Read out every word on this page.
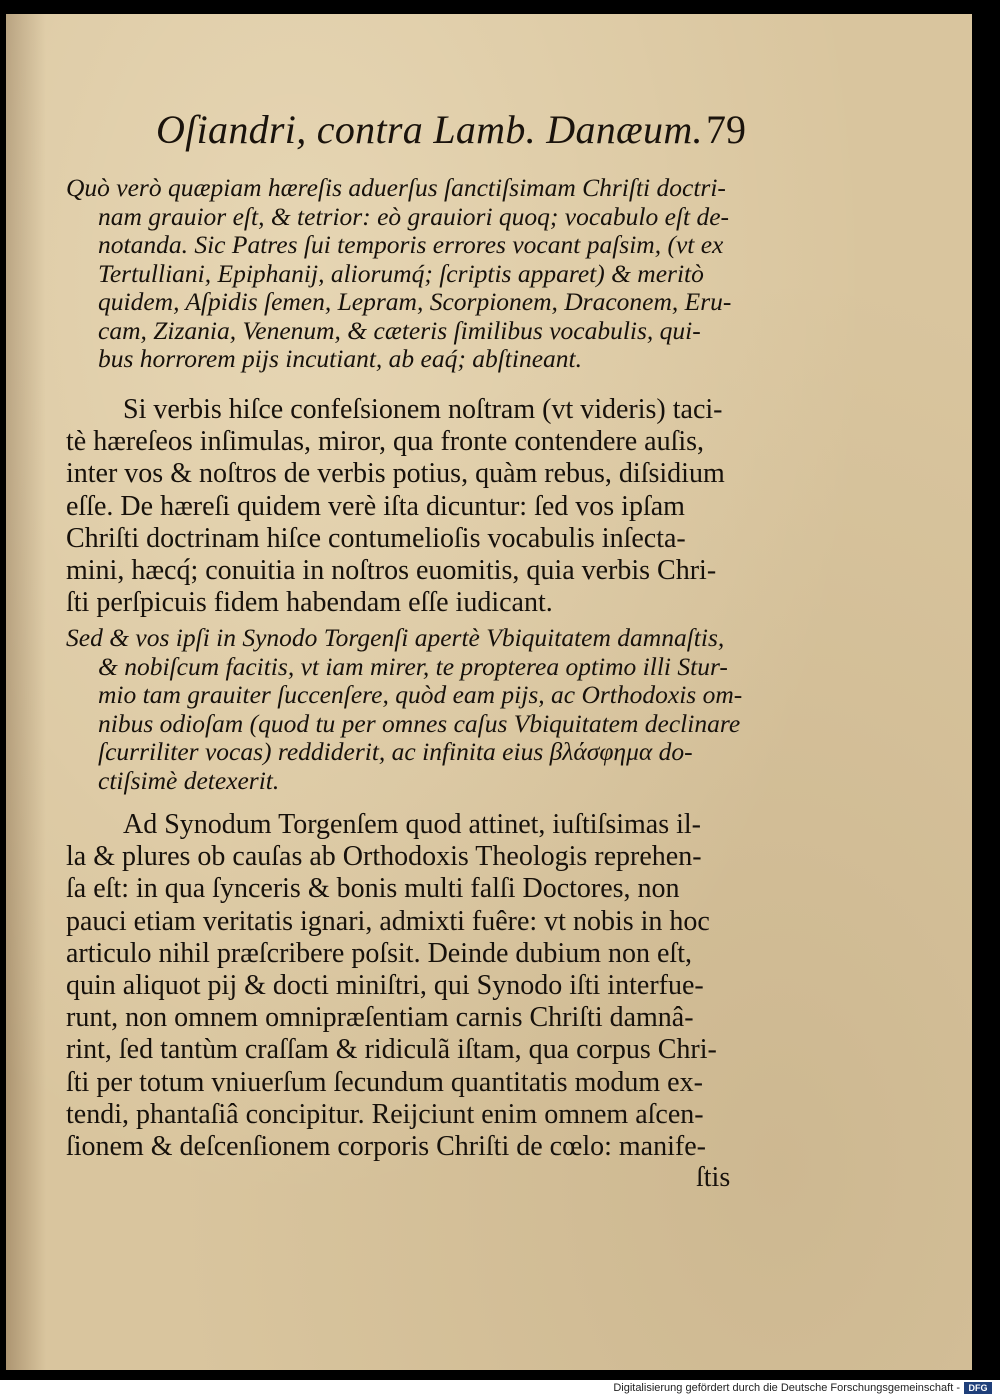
Oſiandri, contra Lamb. Danæum. 79
Quò verò quæpiam hæreſis aduerſus ſanctiſsimam Chriſti doctri-
nam grauior eſt, & tetrior: eò grauiori quoq; vocabulo eſt de-
notanda. Sic Patres ſui temporis errores vocant paſsim, (vt ex
Tertulliani, Epiphanij, aliorumq́; ſcriptis apparet) & meritò
quidem, Aſpidis ſemen, Lepram, Scorpionem, Draconem, Eru-
cam, Zizania, Venenum, & cæteris ſimilibus vocabulis, qui-
bus horrorem pijs incutiant, ab eaq́; abſtineant.
Si verbis hiſce confeſsionem noſtram (vt videris) taci-
tè hæreſeos inſimulas, miror, qua fronte contendere auſis,
inter vos & noſtros de verbis potius, quàm rebus, diſsidium
eſſe. De hæreſi quidem verè iſta dicuntur: ſed vos ipſam
Chriſti doctrinam hiſce contumelioſis vocabulis inſecta-
mini, hæcq́; conuitia in noſtros euomitis, quia verbis Chri-
ſti perſpicuis fidem habendam eſſe iudicant.
Sed & vos ipſi in Synodo Torgenſi apertè Vbiquitatem damnaſtis,
& nobiſcum facitis, vt iam mirer, te propterea optimo illi Stur-
mio tam grauiter ſuccenſere, quòd eam pijs, ac Orthodoxis om-
nibus odioſam (quod tu per omnes caſus Vbiquitatem declinare
ſcurriliter vocas) reddiderit, ac infinita eius βλάσφημα do-
ctiſsimè detexerit.
Ad Synodum Torgenſem quod attinet, iuſtiſsimas il-
la & plures ob cauſas ab Orthodoxis Theologis reprehen-
ſa eſt: in qua ſynceris & bonis multi falſi Doctores, non
pauci etiam veritatis ignari, admixti fuêre: vt nobis in hoc
articulo nihil præſcribere poſsit. Deinde dubium non eſt,
quin aliquot pij & docti miniſtri, qui Synodo iſti interfue-
runt, non omnem omnipræſentiam carnis Chriſti damnâ-
rint, ſed tantùm craſſam & ridiculã iſtam, qua corpus Chri-
ſti per totum vniuerſum ſecundum quantitatis modum ex-
tendi, phantaſiâ concipitur. Reijciunt enim omnem aſcen-
ſionem & deſcenſionem corporis Chriſti de cœlo: manife-
ſtis
Digitalisierung gefördert durch die Deutsche Forschungsgemeinschaft - DFG
